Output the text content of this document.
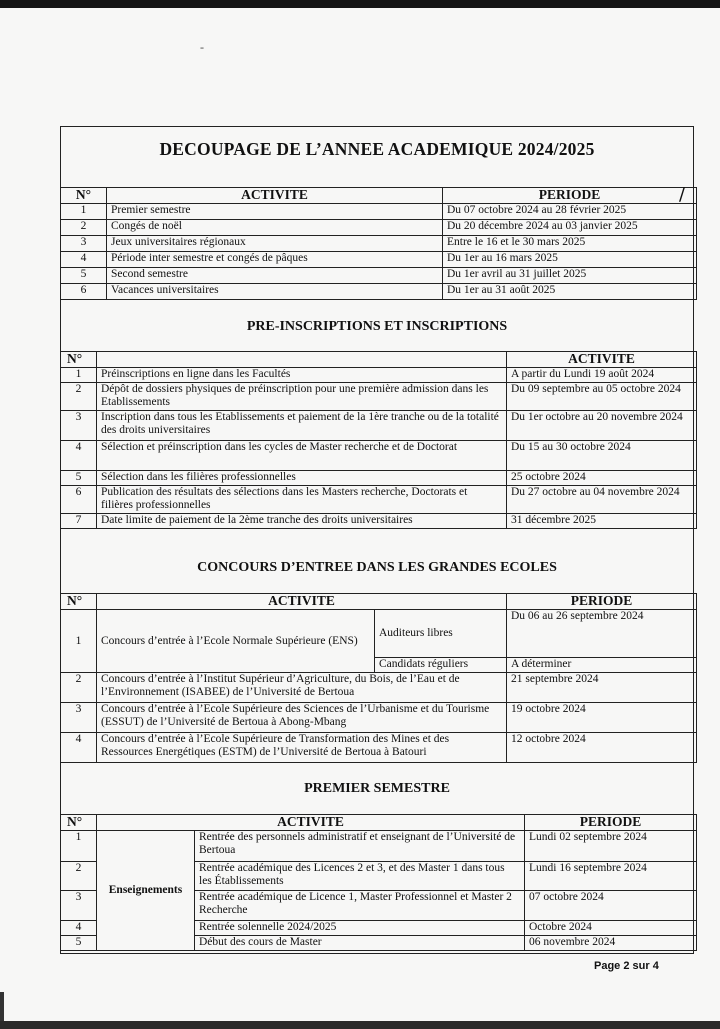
-
DECOUPAGE DE L’ANNEE ACADEMIQUE 2024/2025
N°	ACTIVITE	PERIODE
1	Premier semestre	Du 07 octobre 2024 au 28 février 2025
2	Congés de noël	Du 20 décembre 2024 au 03 janvier 2025
3	Jeux universitaires régionaux	Entre le 16 et le 30 mars 2025
4	Période inter semestre et congés de pâques	Du 1er au 16 mars 2025
5	Second semestre	Du 1er avril au 31 juillet 2025
6	Vacances universitaires	Du 1er au 31 août 2025
PRE-INSCRIPTIONS ET INSCRIPTIONS
N°		ACTIVITE
1	Préinscriptions en ligne dans les Facultés	A partir du Lundi 19 août 2024
2	Dépôt de dossiers physiques de préinscription pour une première admission dans les Etablissements	Du 09 septembre au 05 octobre 2024
3	Inscription dans tous les Etablissements et paiement de la 1ère tranche ou de la totalité des droits universitaires	Du 1er octobre au 20 novembre 2024
4	Sélection et préinscription dans les cycles de Master recherche et de Doctorat	Du 15 au 30 octobre 2024
5	Sélection dans les filières professionnelles	25 octobre 2024
6	Publication des résultats des sélections dans les Masters recherche, Doctorats et filières professionnelles	Du 27 octobre au 04 novembre 2024
7	Date limite de paiement de la 2ème tranche des droits universitaires	31 décembre 2025
CONCOURS D’ENTREE DANS LES GRANDES ECOLES
N°	ACTIVITE		PERIODE
1	Concours d’entrée à l’Ecole Normale Supérieure (ENS)	Auditeurs libres	Du 06 au 26 septembre 2024
		Candidats réguliers	A déterminer
2	Concours d’entrée à l’Institut Supérieur d’Agriculture, du Bois, de l’Eau et de l’Environnement (ISABEE) de l’Université de Bertoua		21 septembre 2024
3	Concours d’entrée à l’Ecole Supérieure des Sciences de l’Urbanisme et du Tourisme (ESSUT) de l’Université de Bertoua à Abong-Mbang		19 octobre 2024
4	Concours d’entrée à l’Ecole Supérieure de Transformation des Mines et des Ressources Energétiques (ESTM) de l’Université de Bertoua à Batouri		12 octobre 2024
PREMIER SEMESTRE
N°	ACTIVITE		PERIODE
1	Enseignements	Rentrée des personnels administratif et enseignant de l’Université de Bertoua	Lundi 02 septembre 2024
2		Rentrée académique des Licences 2 et 3, et des Master 1 dans tous les Établissements	Lundi 16 septembre 2024
3		Rentrée académique de Licence 1, Master Professionnel et Master 2 Recherche	07 octobre 2024
4		Rentrée solennelle 2024/2025	Octobre 2024
5		Début des cours de Master	06 novembre 2024
/
Page 2 sur 4
